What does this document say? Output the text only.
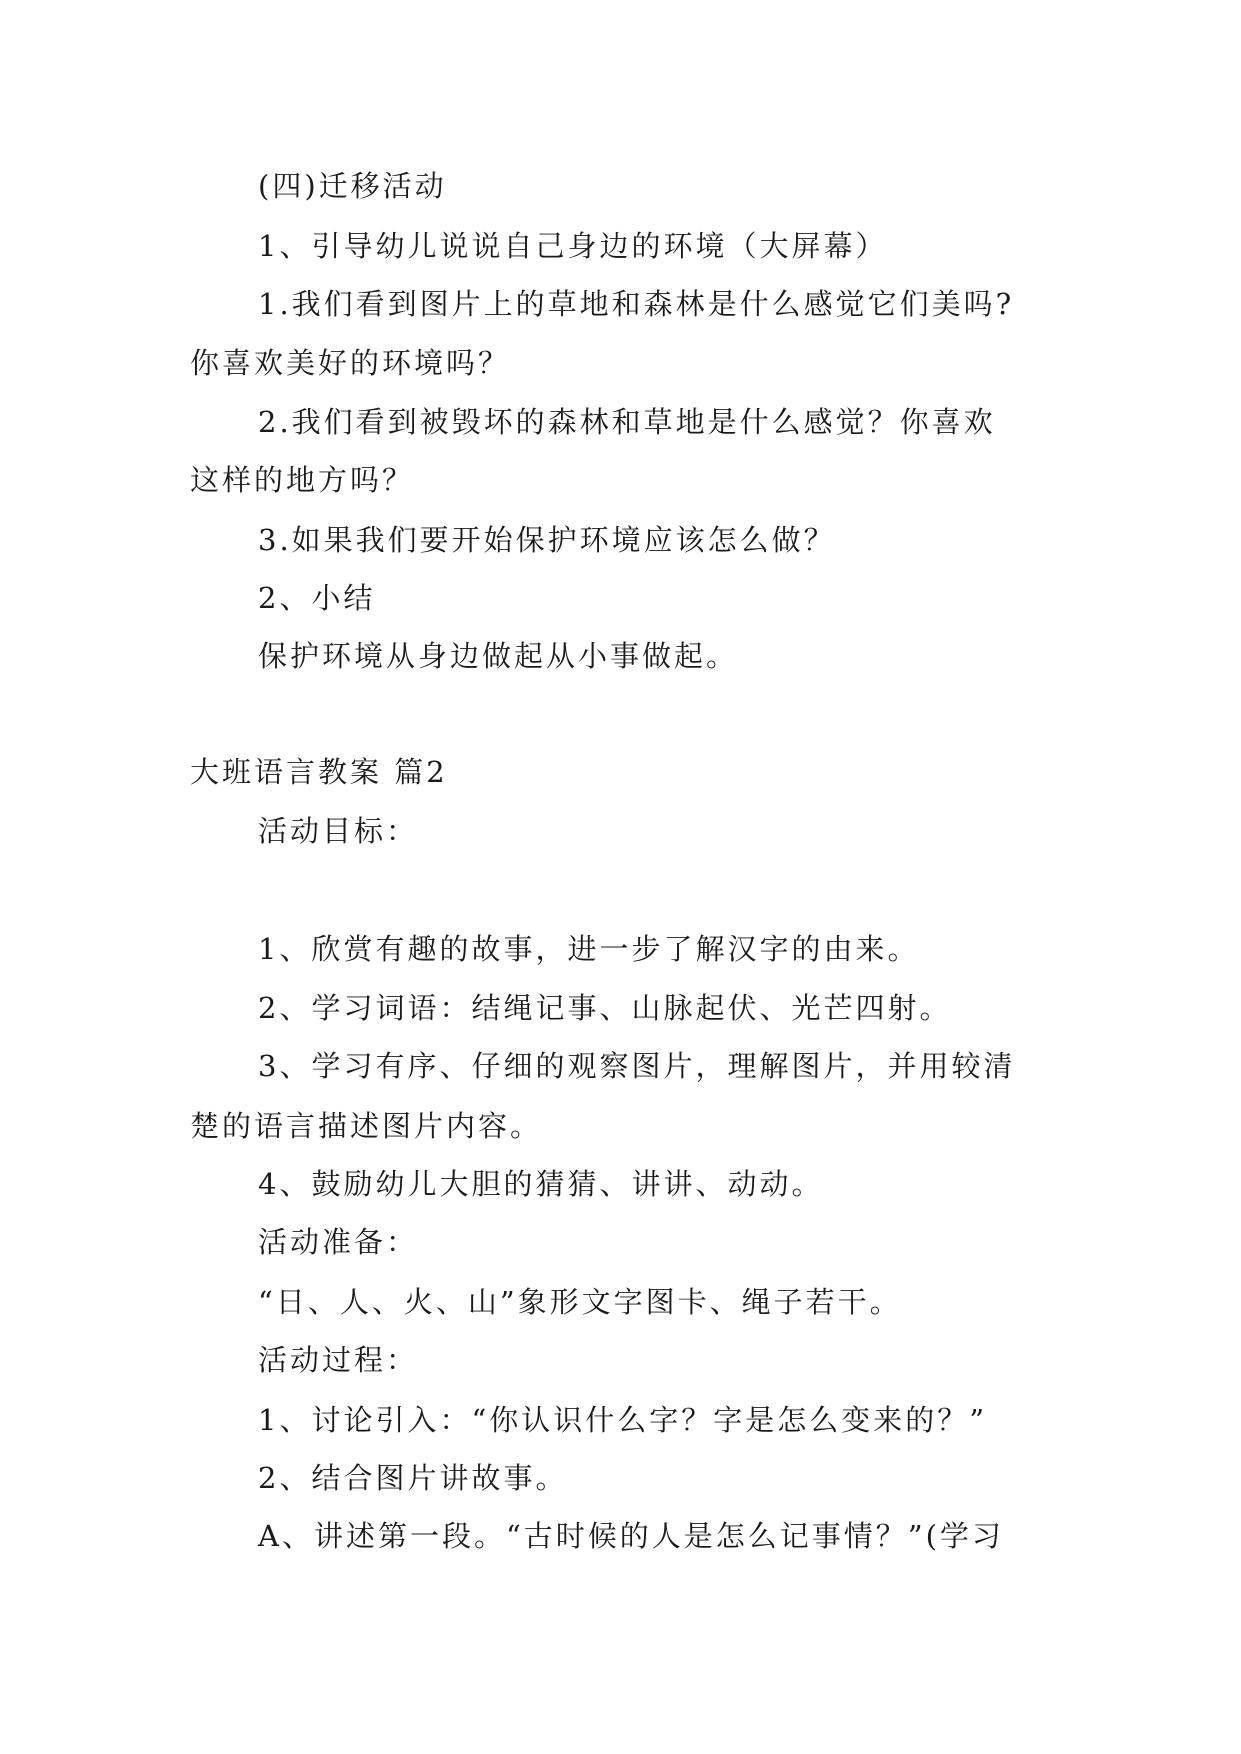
(四)迁移活动
1、引导幼儿说说自己身边的环境（大屏幕）
1.我们看到图片上的草地和森林是什么感觉它们美吗?
你喜欢美好的环境吗？
2.我们看到被毁坏的森林和草地是什么感觉？你喜欢
这样的地方吗？
3.如果我们要开始保护环境应该怎么做？
2、小结
保护环境从身边做起从小事做起。
大班语言教案 篇2
活动目标：
1、欣赏有趣的故事，进一步了解汉字的由来。
2、学习词语：结绳记事、山脉起伏、光芒四射。
3、学习有序、仔细的观察图片，理解图片，并用较清
楚的语言描述图片内容。
4、鼓励幼儿大胆的猜猜、讲讲、动动。
活动准备：
“日、人、火、山”象形文字图卡、绳子若干。
活动过程：
1、讨论引入：“你认识什么字？字是怎么变来的？”
2、结合图片讲故事。
A、讲述第一段。“古时候的人是怎么记事情？”(学习
